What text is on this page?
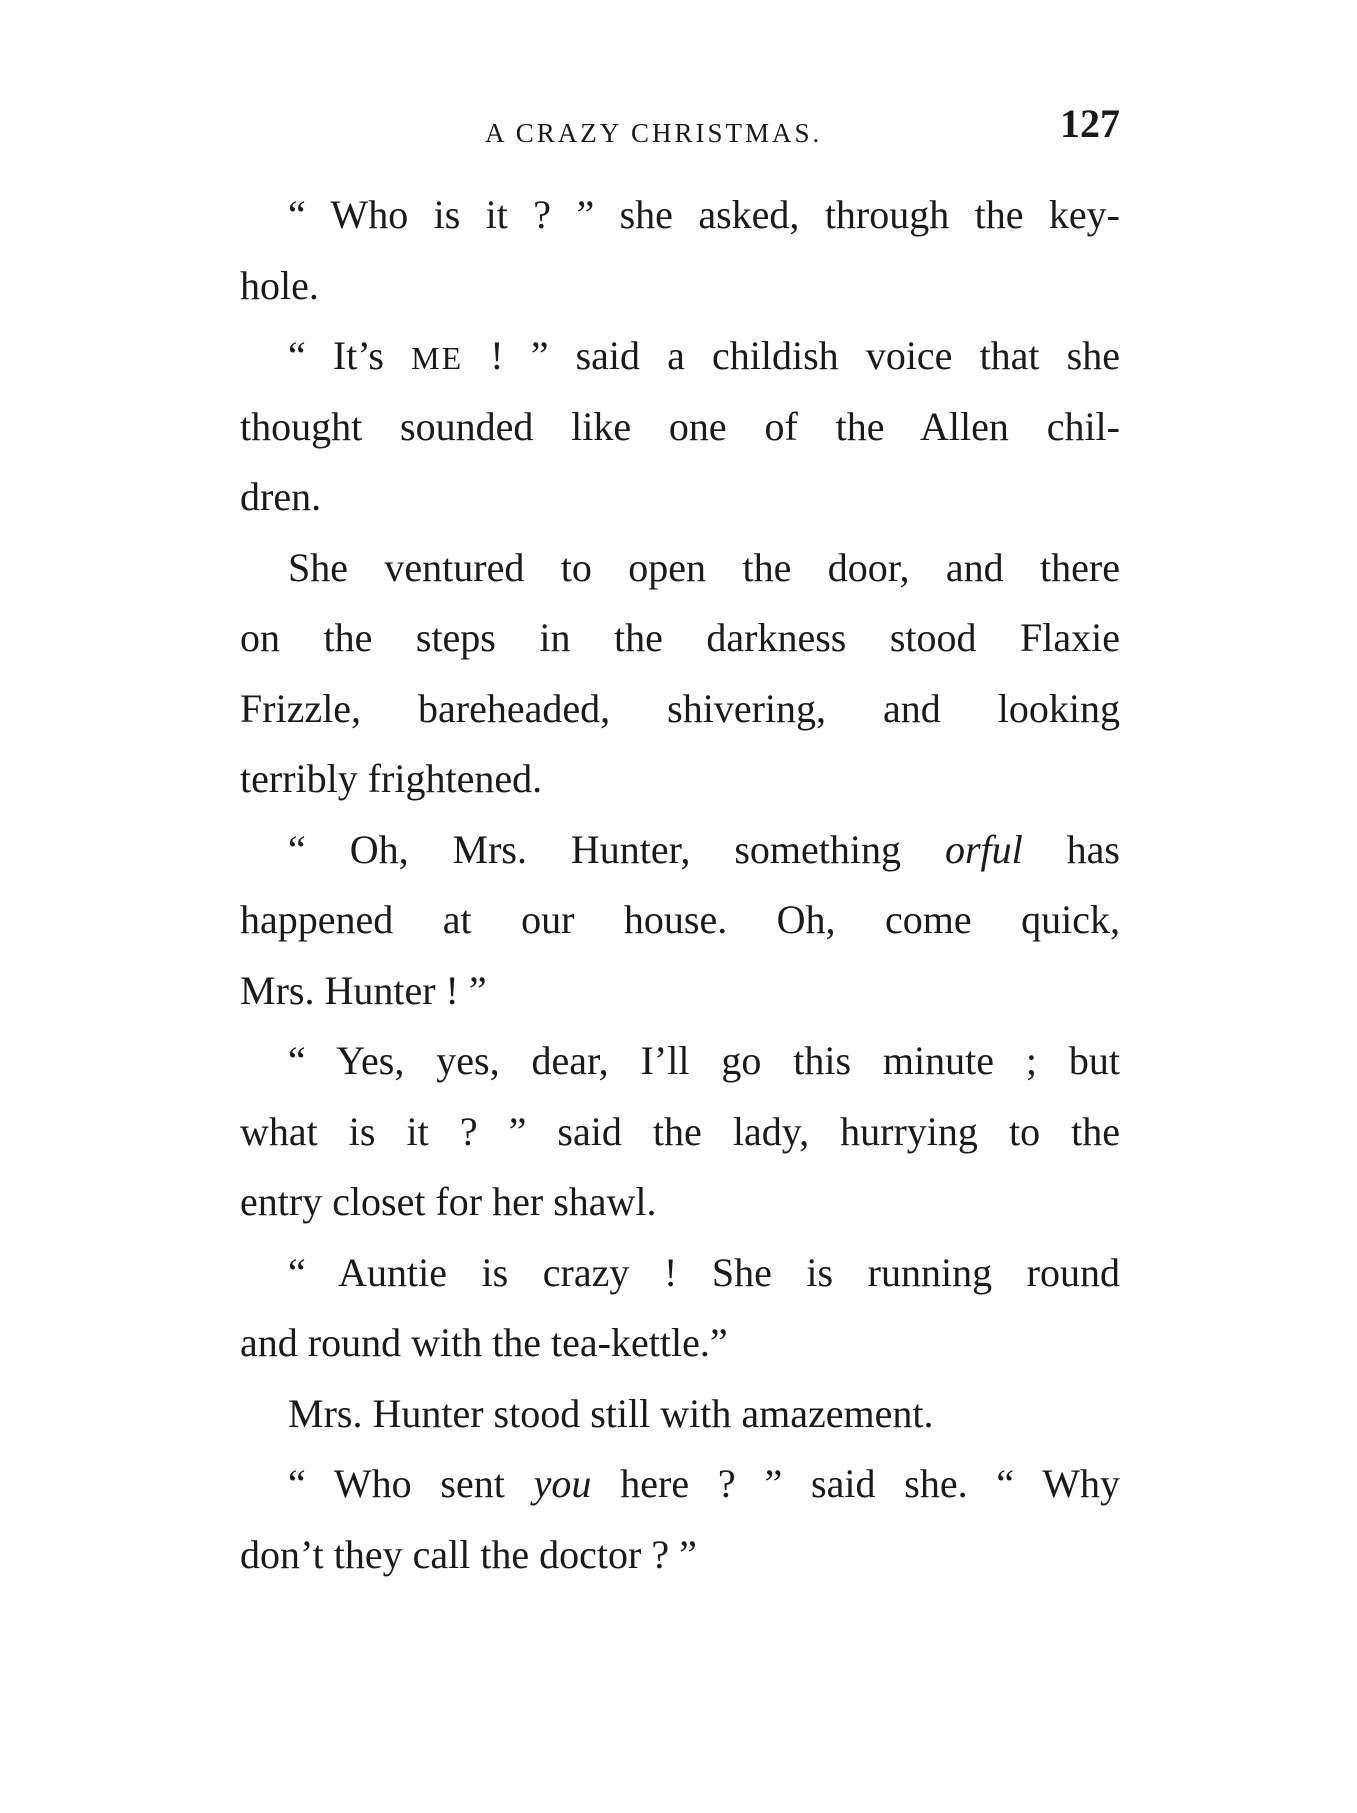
A CRAZY CHRISTMAS.	127
“ Who is it ? ” she asked, through the key-
hole.
“ It’s ME ! ” said a childish voice that she
thought sounded like one of the Allen chil-
dren.
She ventured to open the door, and there
on the steps in the darkness stood Flaxie
Frizzle, bareheaded, shivering, and looking
terribly frightened.
“ Oh, Mrs. Hunter, something orful has
happened at our house. Oh, come quick,
Mrs. Hunter ! ”
“ Yes, yes, dear, I’ll go this minute ; but
what is it ? ” said the lady, hurrying to the
entry closet for her shawl.
“ Auntie is crazy ! She is running round
and round with the tea-kettle.”
Mrs. Hunter stood still with amazement.
“ Who sent you here ? ” said she. “ Why
don’t they call the doctor ? ”
